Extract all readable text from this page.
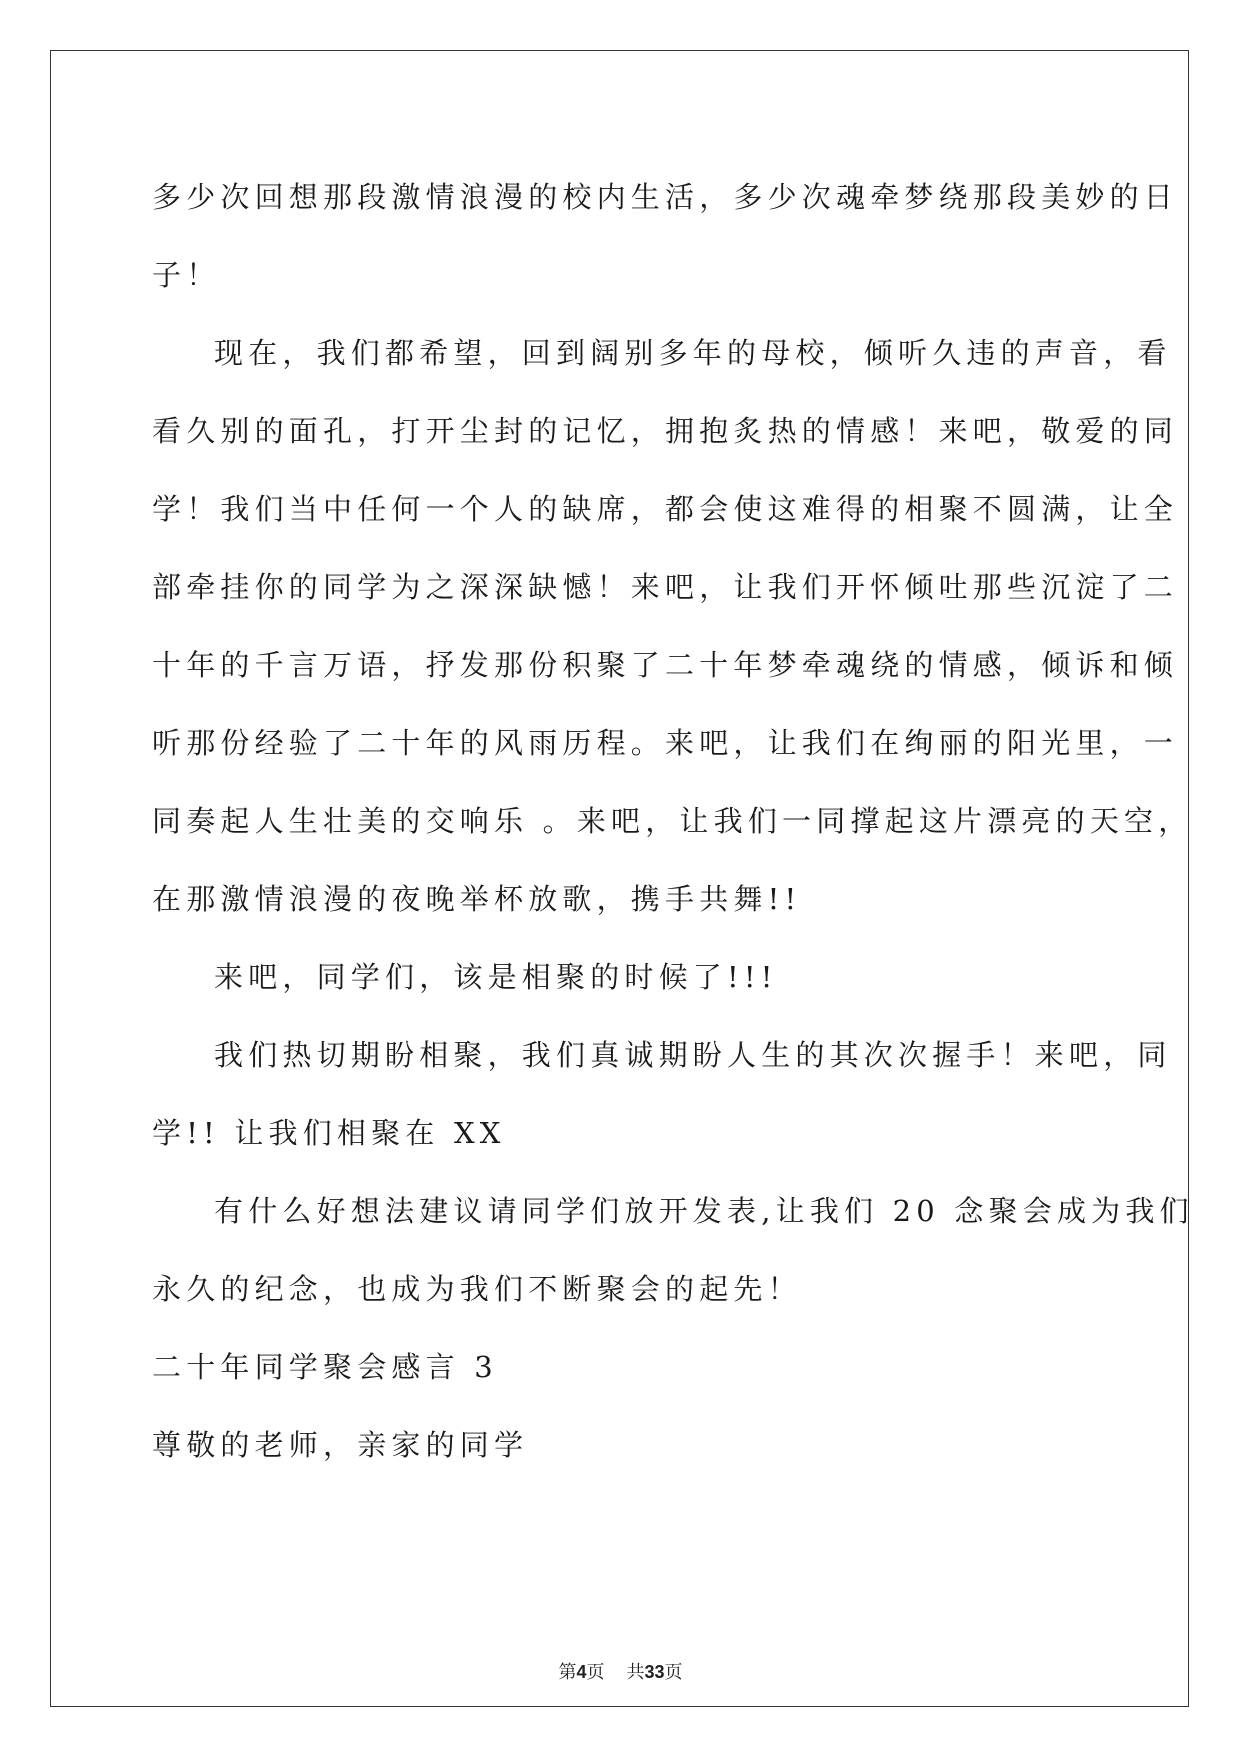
多少次回想那段激情浪漫的校内生活，多少次魂牵梦绕那段美妙的日

子！

现在，我们都希望，回到阔别多年的母校，倾听久违的声音，看

看久别的面孔，打开尘封的记忆，拥抱炙热的情感！来吧，敬爱的同

学！我们当中任何一个人的缺席，都会使这难得的相聚不圆满，让全

部牵挂你的同学为之深深缺憾！来吧，让我们开怀倾吐那些沉淀了二

十年的千言万语，抒发那份积聚了二十年梦牵魂绕的情感，倾诉和倾

听那份经验了二十年的风雨历程。来吧，让我们在绚丽的阳光里，一

同奏起人生壮美的交响乐 。来吧，让我们一同撑起这片漂亮的天空，

在那激情浪漫的夜晚举杯放歌，携手共舞!!

来吧，同学们，该是相聚的时候了!!!

我们热切期盼相聚，我们真诚期盼人生的其次次握手！来吧，同

学!! 让我们相聚在 XX

有什么好想法建议请同学们放开发表,让我们 20 念聚会成为我们

永久的纪念，也成为我们不断聚会的起先！

二十年同学聚会感言 3

尊敬的老师，亲家的同学

第4页 共33页
